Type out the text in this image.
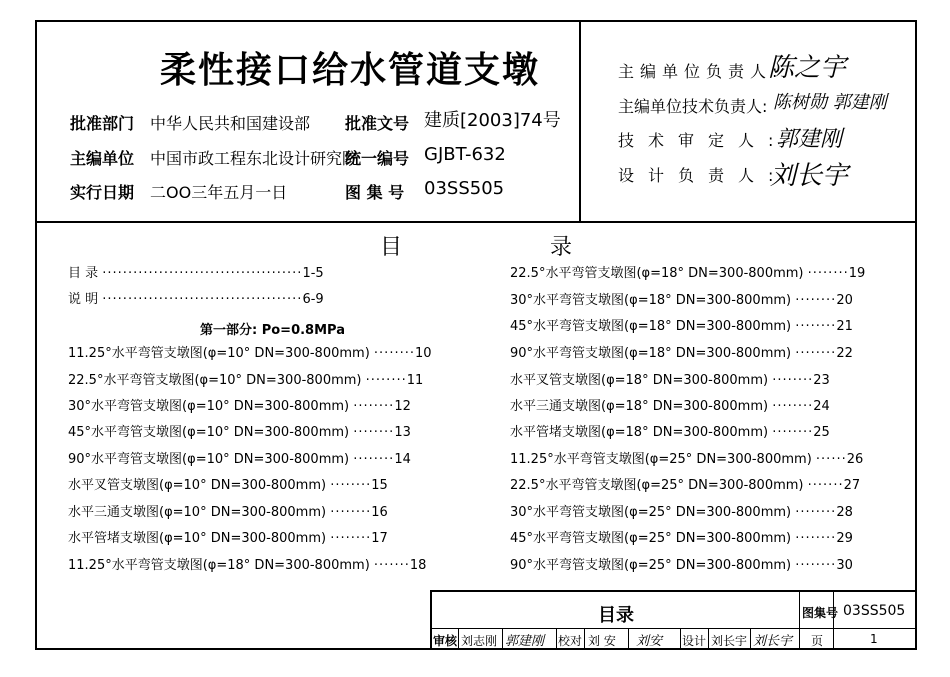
柔性接口给水管道支墩
批准部门 中华人民共和国建设部
主编单位 中国市政工程东北设计研究院
实行日期 二OO三年五月一日
批准文号 建质[2003]74号
统一编号 GJBT-632
图 集 号 03SS505
主编单位负责人:
陈之宇
主编单位技术负责人: 陈树勋 郭建刚
技术审定人:
郭建刚
设计负责人:
刘长宇
目	录
目 录 ·······································1-5
说 明 ·······································6-9
第一部分: Po=0.8MPa
11.25°水平弯管支墩图(φ=10° DN=300-800mm) ········10
22.5°水平弯管支墩图(φ=10° DN=300-800mm) ········11
30°水平弯管支墩图(φ=10° DN=300-800mm) ········12
45°水平弯管支墩图(φ=10° DN=300-800mm) ········13
90°水平弯管支墩图(φ=10° DN=300-800mm) ········14
水平叉管支墩图(φ=10° DN=300-800mm) ········15
水平三通支墩图(φ=10° DN=300-800mm) ········16
水平管堵支墩图(φ=10° DN=300-800mm) ········17
11.25°水平弯管支墩图(φ=18° DN=300-800mm) ·······18
22.5°水平弯管支墩图(φ=18° DN=300-800mm) ········19
30°水平弯管支墩图(φ=18° DN=300-800mm) ········20
45°水平弯管支墩图(φ=18° DN=300-800mm) ········21
90°水平弯管支墩图(φ=18° DN=300-800mm) ········22
水平叉管支墩图(φ=18° DN=300-800mm) ········23
水平三通支墩图(φ=18° DN=300-800mm) ········24
水平管堵支墩图(φ=18° DN=300-800mm) ········25
11.25°水平弯管支墩图(φ=25° DN=300-800mm) ······26
22.5°水平弯管支墩图(φ=25° DN=300-800mm) ·······27
30°水平弯管支墩图(φ=25° DN=300-800mm) ········28
45°水平弯管支墩图(φ=25° DN=300-800mm) ········29
90°水平弯管支墩图(φ=25° DN=300-800mm) ········30
目录	图集号 03SS505
页	1
审核 刘志刚 郭建刚 校对 刘 安 刘安 设计 刘长宇 刘长宇
